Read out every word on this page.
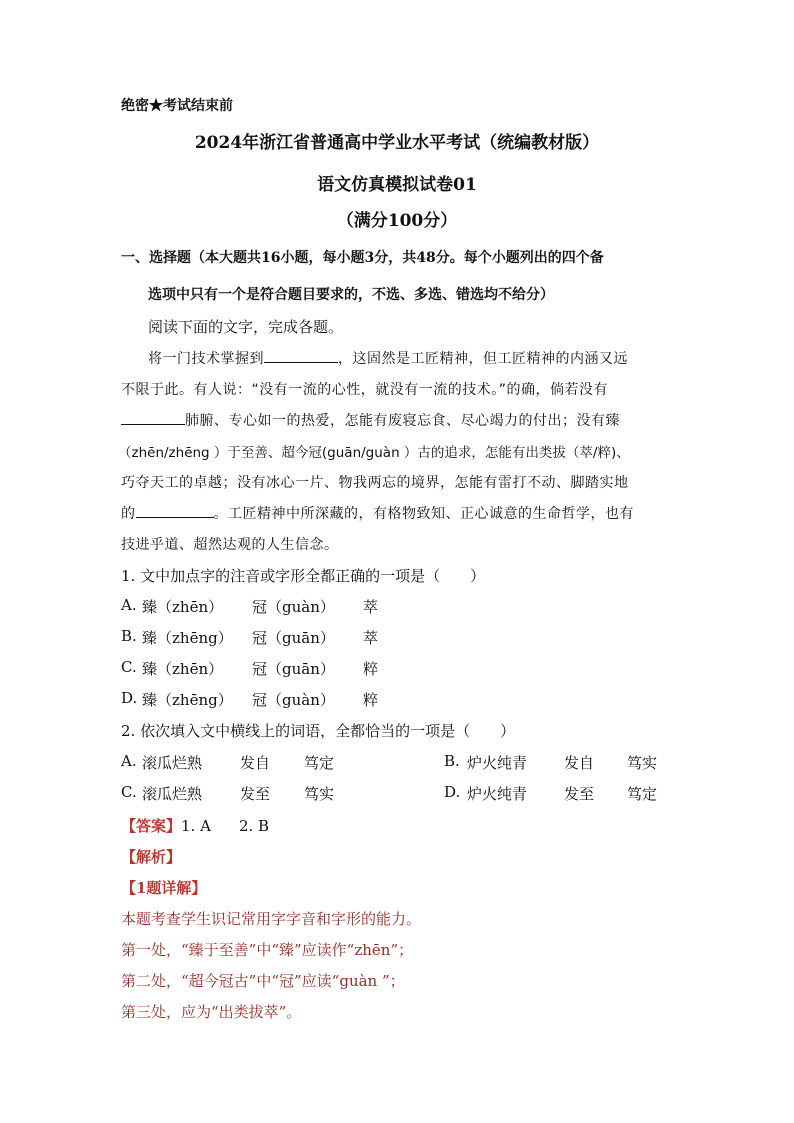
绝密★考试结束前
2024年浙江省普通高中学业水平考试（统编教材版）
语文仿真模拟试卷01
（满分100分）
一、选择题（本大题共16小题，每小题3分，共48分。每个小题列出的四个备
选项中只有一个是符合题目要求的，不选、多选、错选均不给分）
阅读下面的文字，完成各题。
将一门技术掌握到	，这固然是工匠精神，但工匠精神的内涵又远
不限于此。有人说：“没有一流的心性，就没有一流的技术。”的确，倘若没有
肺腑、专心如一的热爱，怎能有废寝忘食、尽心竭力的付出；没有臻
（zhēn/zhēng ）于至善、超今冠(guān/guàn ）古的追求，怎能有出类拔（萃/粹)、
巧夺天工的卓越；没有冰心一片、物我两忘的境界，怎能有雷打不动、脚踏实地
的	。工匠精神中所深藏的，有格物致知、正心诚意的生命哲学，也有
技进乎道、超然达观的人生信念。
1. 文中加点字的注音或字形全都正确的一项是（　　）
A. 臻（zhēn） 冠（guàn） 萃
B. 臻（zhēng） 冠（guān） 萃
C. 臻（zhēn） 冠（guān） 粹
D. 臻（zhēng） 冠（guàn） 粹
2. 依次填入文中横线上的词语，全都恰当的一项是（　　）
A. 滚瓜烂熟	发自 笃定	B. 炉火纯青 发自 笃实
C. 滚瓜烂熟	发至 笃实	D. 炉火纯青 发至 笃定
【答案】1. A 2. B
【解析】
【1题详解】
本题考查学生识记常用字字音和字形的能力。
第一处，“臻于至善”中“臻”应读作“zhēn”；
第二处，“超今冠古”中“冠”应读“guàn ”；
第三处，应为“出类拔萃”。
